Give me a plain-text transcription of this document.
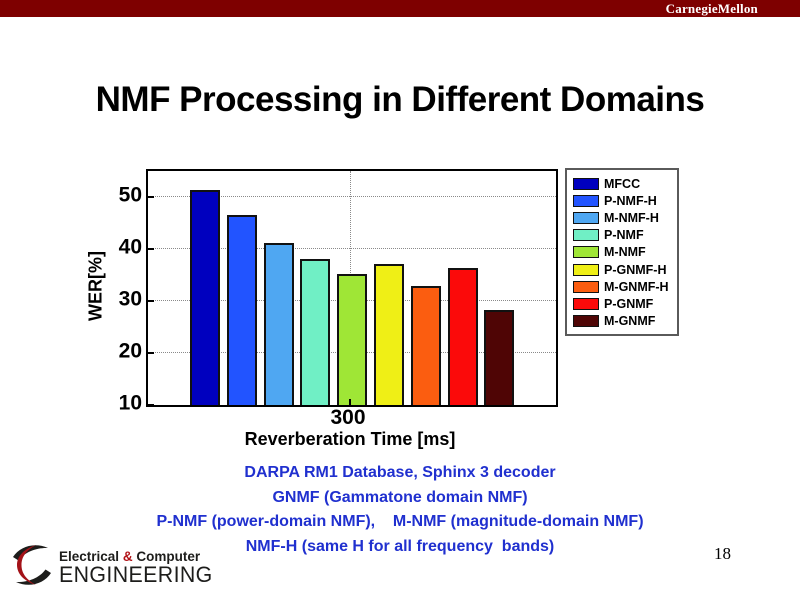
CarnegieMellon
NMF Processing in Different Domains
WER[%]
10
20
30
40
50
300
Reverberation Time [ms]
MFCC
P-NMF-H
M-NMF-H
P-NMF
M-NMF
P-GNMF-H
M-GNMF-H
P-GNMF
M-GNMF
DARPA RM1 Database, Sphinx 3 decoder
GNMF (Gammatone domain NMF)
P-NMF (power-domain NMF),    M-NMF (magnitude-domain NMF)
NMF-H (same H for all frequency  bands)
Electrical & Computer
ENGINEERING
18
